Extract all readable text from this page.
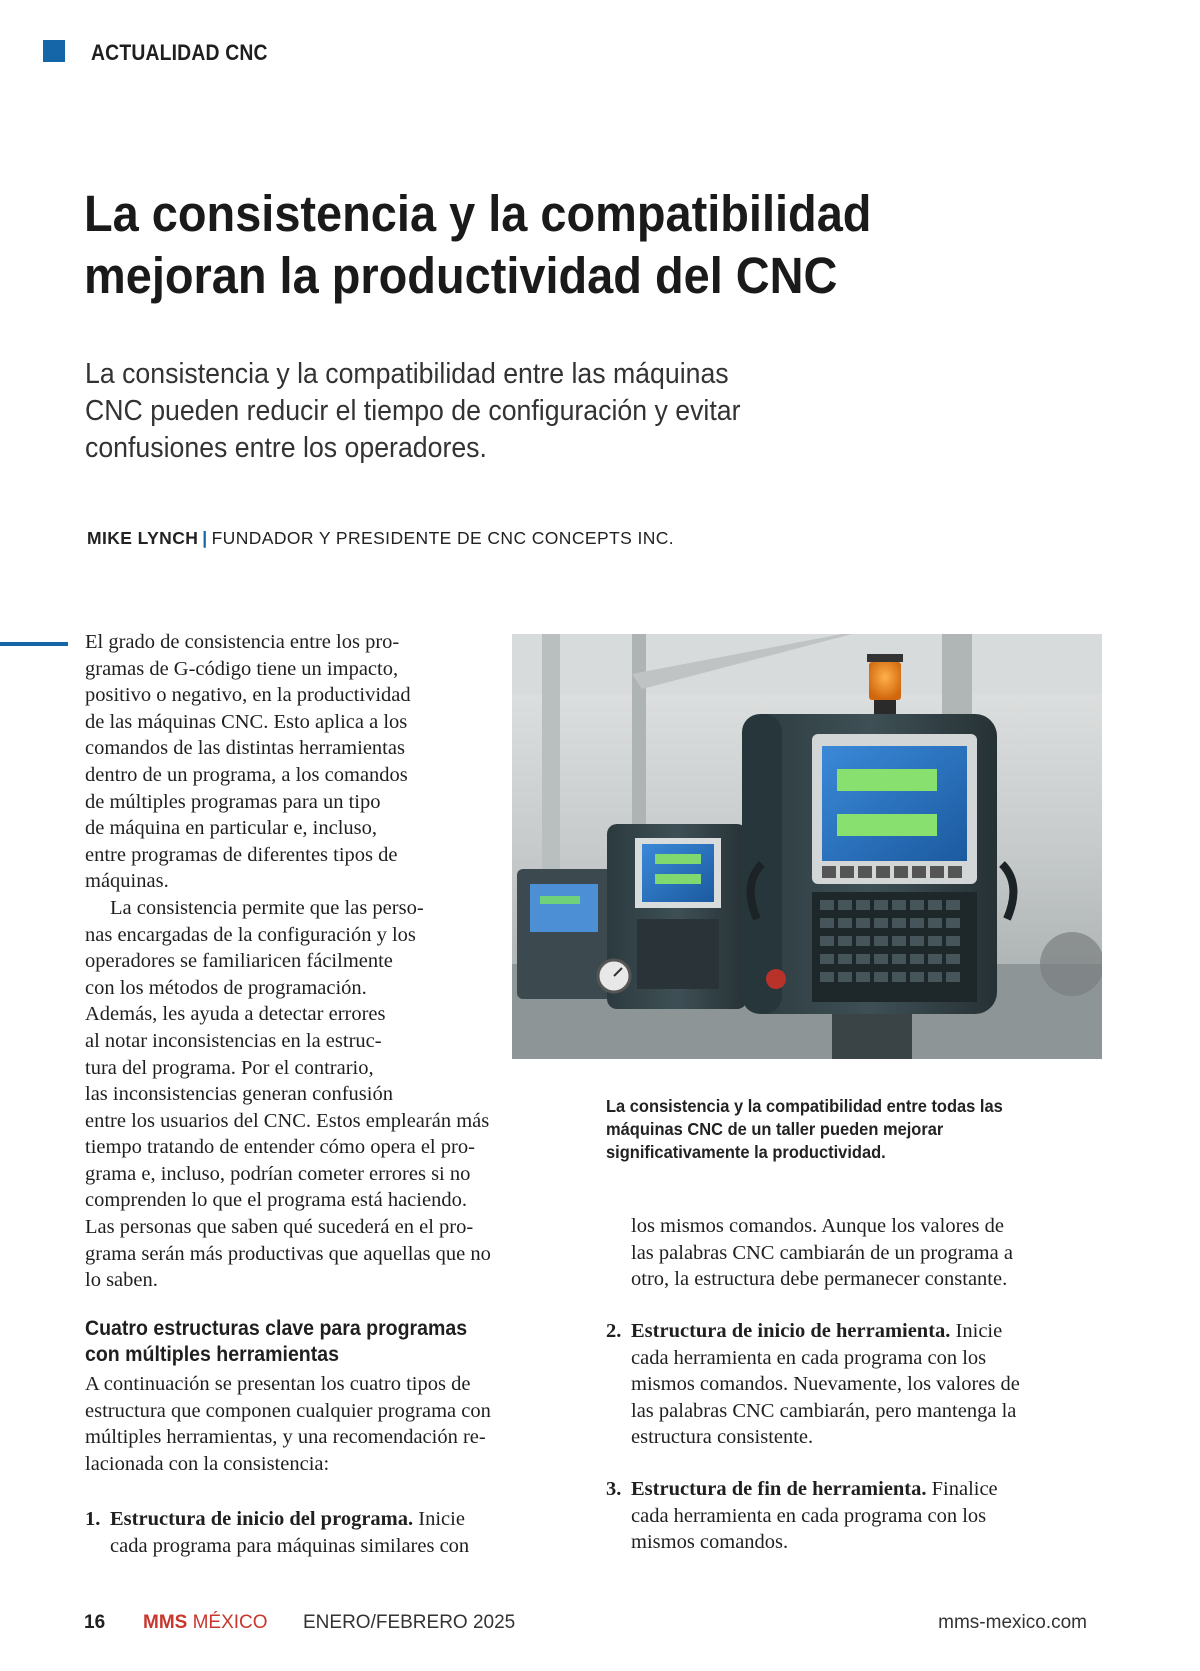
ACTUALIDAD CNC
La consistencia y la compatibilidad
mejoran la productividad del CNC

La consistencia y la compatibilidad entre las máquinas
CNC pueden reducir el tiempo de configuración y evitar
confusiones entre los operadores.

MIKE LYNCH | FUNDADOR Y PRESIDENTE DE CNC CONCEPTS INC.
El grado de consistencia entre los pro-
gramas de G-código tiene un impacto,
positivo o negativo, en la productividad
de las máquinas CNC. Esto aplica a los
comandos de las distintas herramientas
dentro de un programa, a los comandos
de múltiples programas para un tipo
de máquina en particular e, incluso,
entre programas de diferentes tipos de
máquinas.
La consistencia permite que las perso-
nas encargadas de la configuración y los
operadores se familiaricen fácilmente
con los métodos de programación.
Además, les ayuda a detectar errores
al notar inconsistencias en la estruc-
tura del programa. Por el contrario,
las inconsistencias generan confusión
entre los usuarios del CNC. Estos emplearán más
tiempo tratando de entender cómo opera el pro-
grama e, incluso, podrían cometer errores si no
comprenden lo que el programa está haciendo.
Las personas que saben qué sucederá en el pro-
grama serán más productivas que aquellas que no
lo saben.

La consistencia y la compatibilidad entre todas las
máquinas CNC de un taller pueden mejorar
significativamente la productividad.

Cuatro estructuras clave para programas
con múltiples herramientas
A continuación se presentan los cuatro tipos de
estructura que componen cualquier programa con
múltiples herramientas, y una recomendación re-
lacionada con la consistencia:
1. Estructura de inicio del programa. Inicie
cada programa para máquinas similares con
los mismos comandos. Aunque los valores de
las palabras CNC cambiarán de un programa a
otro, la estructura debe permanecer constante.
2. Estructura de inicio de herramienta. Inicie
cada herramienta en cada programa con los
mismos comandos. Nuevamente, los valores de
las palabras CNC cambiarán, pero mantenga la
estructura consistente.
3. Estructura de fin de herramienta. Finalice
cada herramienta en cada programa con los
mismos comandos.
16 MMS MÉXICO ENERO/FEBRERO 2025	mms-mexico.com
